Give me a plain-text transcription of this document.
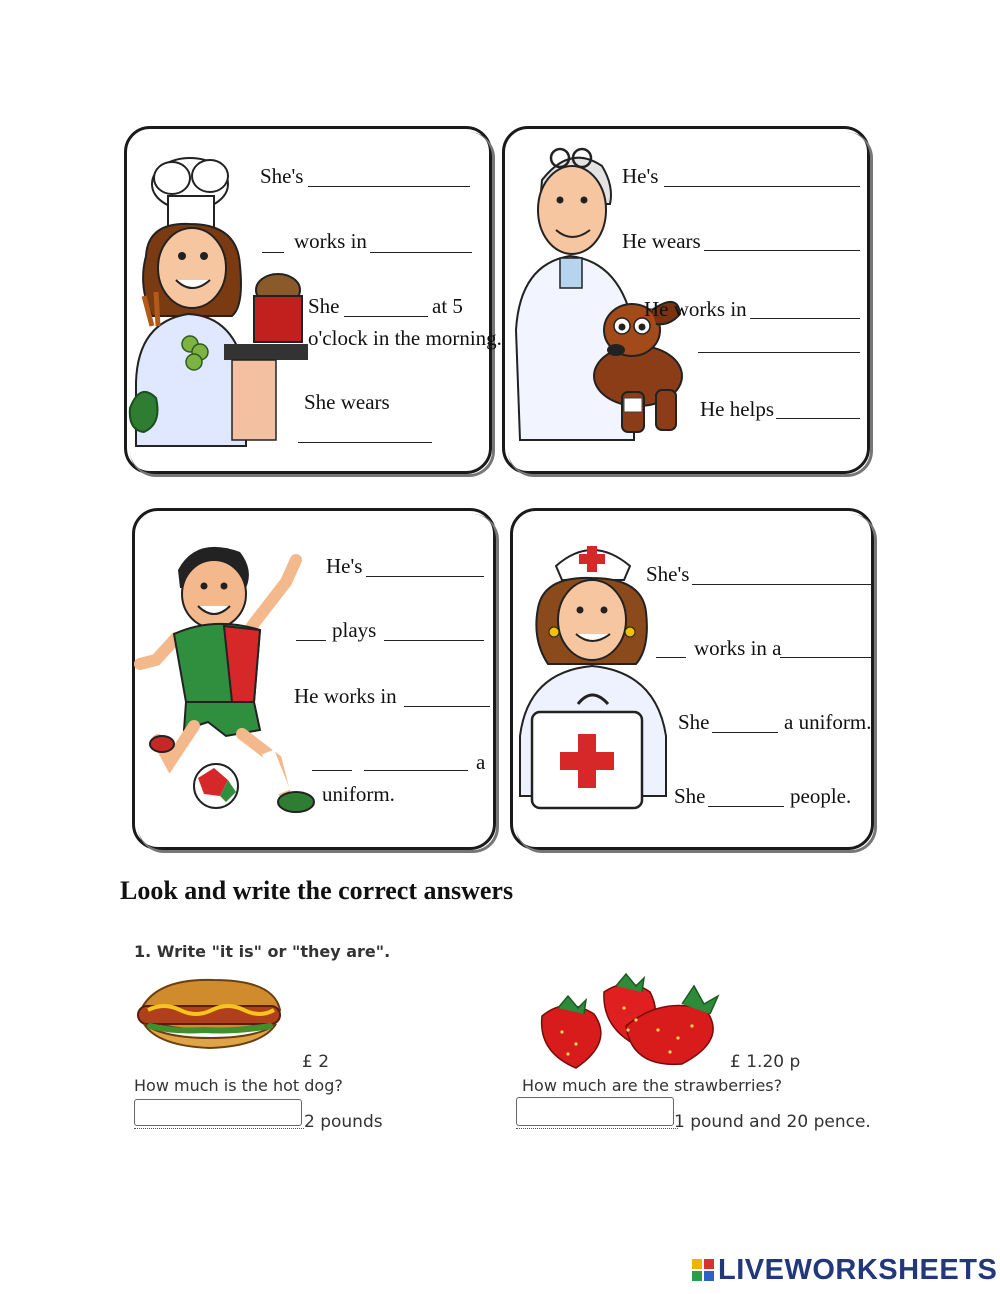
She's
works in
She	at 5
o'clock in the morning.
She wears
He's
He wears
He works in
He helps
He's
plays
He works in
a
uniform.
She's
works in a
She	a uniform.
She	people.
Look and write the correct answers
1. Write "it is" or "they are".
£ 2
How much is the hot dog?
2 pounds
£ 1.20 p
How much are the strawberries?
1 pound and 20 pence.
LIVEWORKSHEETS
